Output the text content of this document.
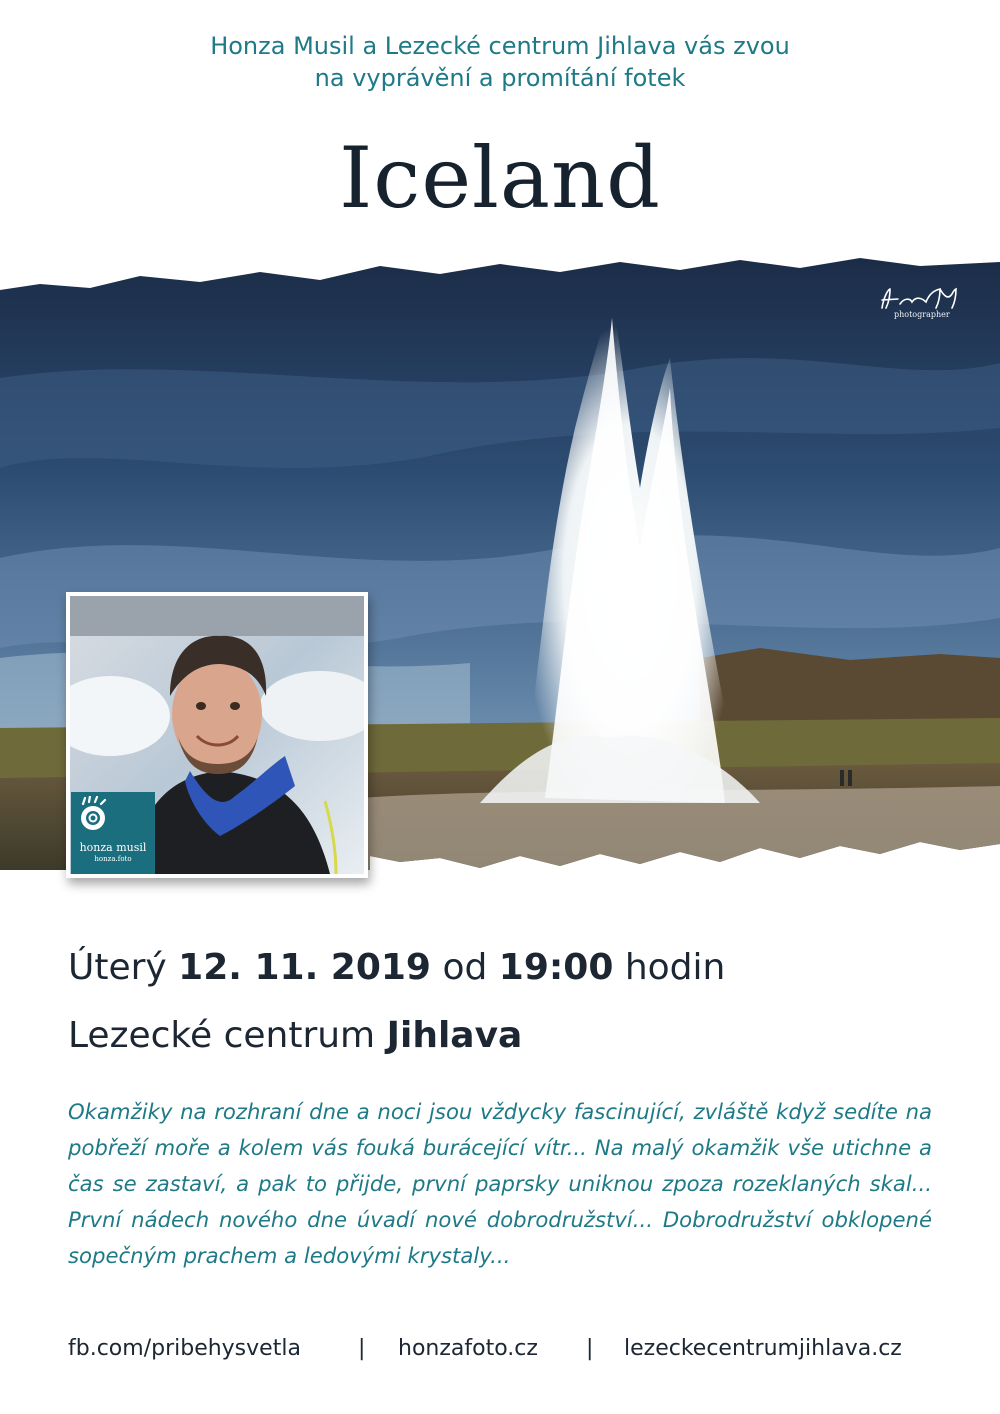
Honza Musil a Lezecké centrum Jihlava vás zvou
na vyprávění a promítání fotek
Iceland
photographer
honza musil
honza.foto
Úterý 12. 11. 2019 od 19:00 hodin
Lezecké centrum Jihlava
Okamžiky na rozhraní dne a noci jsou vždycky fascinující, zvláště když sedíte na pobřeží moře a kolem vás fouká burácející vítr... Na malý okamžik vše utichne a čas se zastaví, a pak to přijde, první paprsky uniknou zpoza rozeklaných skal... První nádech nového dne úvadí nové dobrodružství... Dobrodružství obklopené sopečným prachem a ledovými krystaly...
fb.com/pribehysvetla	| honzafoto.cz | lezeckecentrumjihlava.cz
